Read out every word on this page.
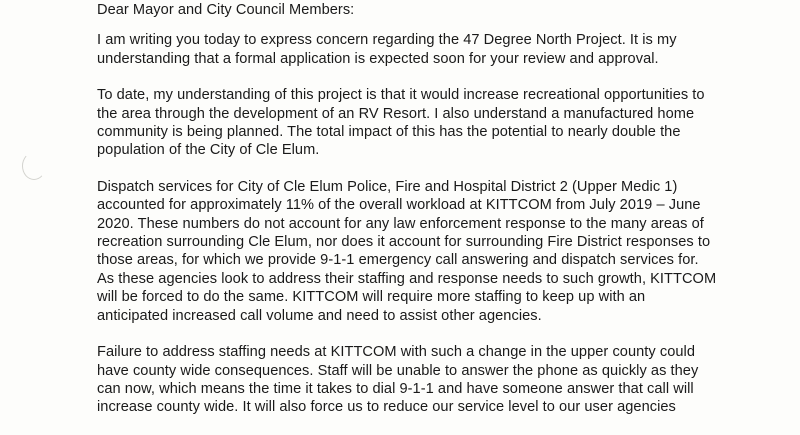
Dear Mayor and City Council Members:
I am writing you today to express concern regarding the 47 Degree North Project. It is my
understanding that a formal application is expected soon for your review and approval.
To date, my understanding of this project is that it would increase recreational opportunities to
the area through the development of an RV Resort. I also understand a manufactured home
community is being planned. The total impact of this has the potential to nearly double the
population of the City of Cle Elum.
Dispatch services for City of Cle Elum Police, Fire and Hospital District 2 (Upper Medic 1)
accounted for approximately 11% of the overall workload at KITTCOM from July 2019 – June
2020. These numbers do not account for any law enforcement response to the many areas of
recreation surrounding Cle Elum, nor does it account for surrounding Fire District responses to
those areas, for which we provide 9-1-1 emergency call answering and dispatch services for.
As these agencies look to address their staffing and response needs to such growth, KITTCOM
will be forced to do the same. KITTCOM will require more staffing to keep up with an
anticipated increased call volume and need to assist other agencies.
Failure to address staffing needs at KITTCOM with such a change in the upper county could
have county wide consequences. Staff will be unable to answer the phone as quickly as they
can now, which means the time it takes to dial 9-1-1 and have someone answer that call will
increase county wide. It will also force us to reduce our service level to our user agencies
